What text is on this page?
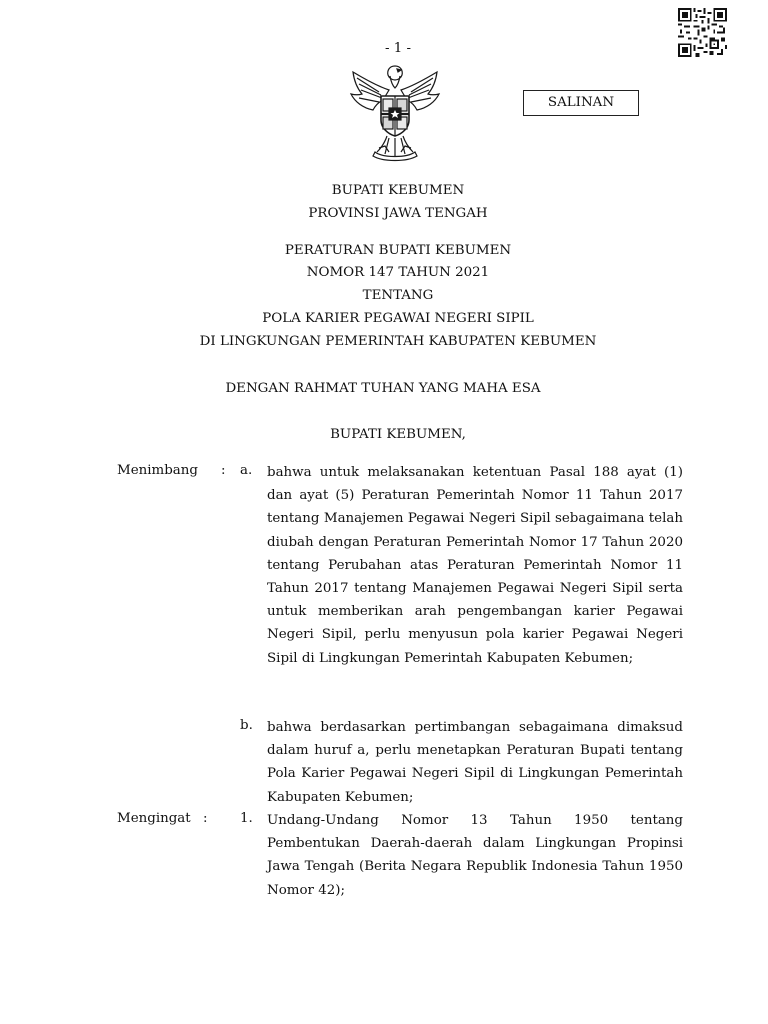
- 1 -
SALINAN
BUPATI KEBUMEN
PROVINSI JAWA TENGAH
PERATURAN BUPATI KEBUMEN
NOMOR 147 TAHUN 2021
TENTANG
POLA KARIER PEGAWAI NEGERI SIPIL
DI LINGKUNGAN PEMERINTAH KABUPATEN KEBUMEN
DENGAN RAHMAT TUHAN YANG MAHA ESA
BUPATI KEBUMEN,
Menimbang : a. bahwa untuk melaksanakan ketentuan Pasal 188 ayat (1) dan ayat (5) Peraturan Pemerintah Nomor 11 Tahun 2017 tentang Manajemen Pegawai Negeri Sipil sebagaimana telah diubah dengan Peraturan Pemerintah Nomor 17 Tahun 2020 tentang Perubahan atas Peraturan Pemerintah Nomor 11 Tahun 2017 tentang Manajemen Pegawai Negeri Sipil serta untuk memberikan arah pengembangan karier Pegawai Negeri Sipil, perlu menyusun pola karier Pegawai Negeri Sipil di Lingkungan Pemerintah Kabupaten Kebumen;

b. bahwa berdasarkan pertimbangan sebagaimana dimaksud dalam huruf a, perlu menetapkan Peraturan Bupati tentang Pola Karier Pegawai Negeri Sipil di Lingkungan Pemerintah Kabupaten Kebumen;

Mengingat : 1. Undang-Undang Nomor 13 Tahun 1950 tentang Pembentukan Daerah-daerah dalam Lingkungan Propinsi Jawa Tengah (Berita Negara Republik Indonesia Tahun 1950 Nomor 42);
